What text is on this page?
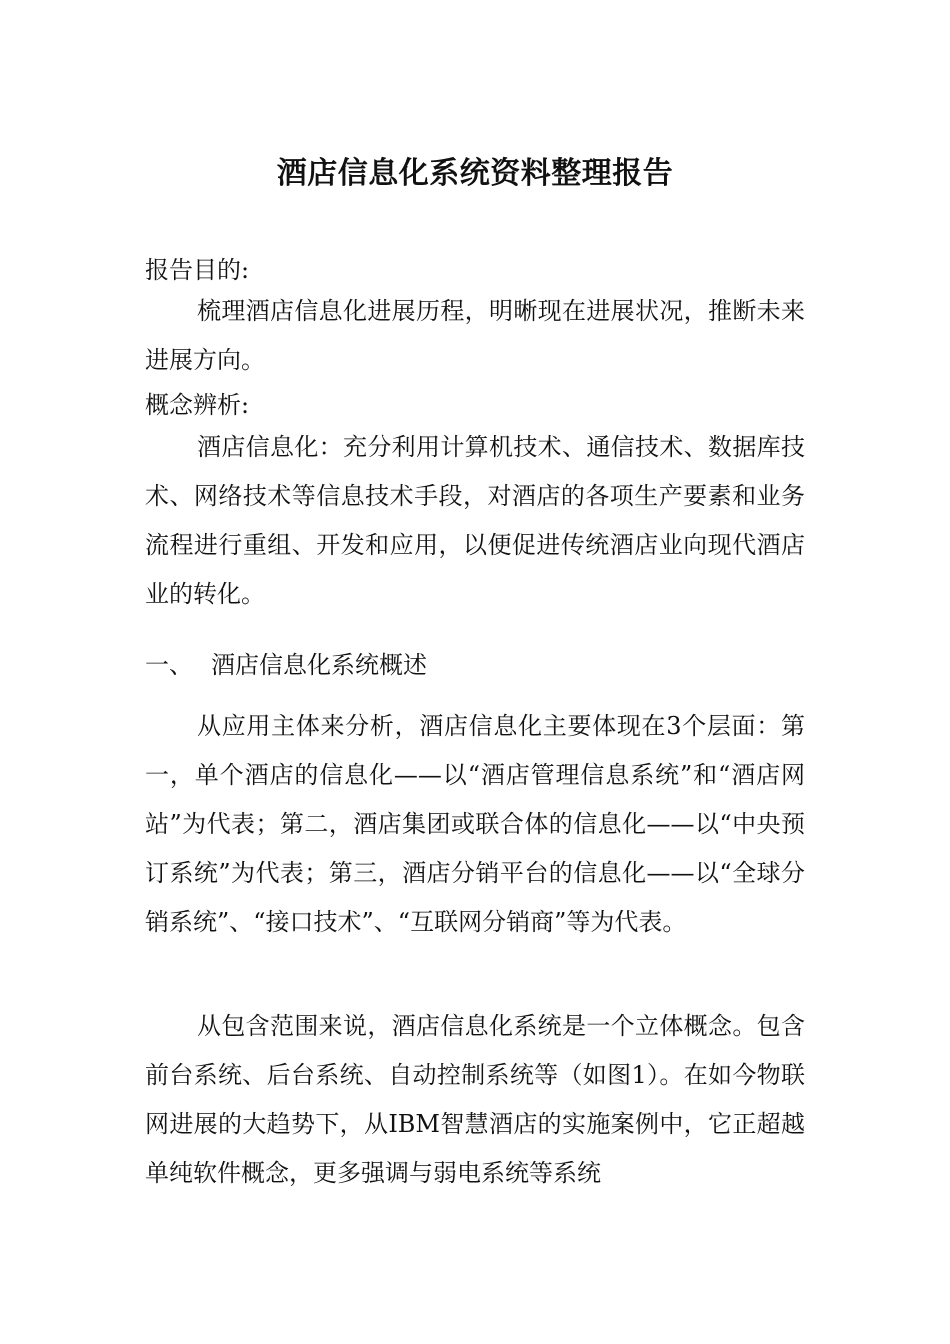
酒店信息化系统资料整理报告
报告目的:
梳理酒店信息化进展历程，明晰现在进展状况，推断未来进展方向。
概念辨析:
酒店信息化：充分利用计算机技术、通信技术、数据库技术、网络技术等信息技术手段，对酒店的各项生产要素和业务流程进行重组、开发和应用，以便促进传统酒店业向现代酒店业的转化。
一、 酒店信息化系统概述
从应用主体来分析，酒店信息化主要体现在3个层面：第一，单个酒店的信息化——以“酒店管理信息系统”和“酒店网站”为代表；第二，酒店集团或联合体的信息化——以“中央预订系统”为代表；第三，酒店分销平台的信息化——以“全球分销系统”、“接口技术”、“互联网分销商”等为代表。
从包含范围来说，酒店信息化系统是一个立体概念。包含前台系统、后台系统、自动控制系统等（如图1）。在如今物联网进展的大趋势下，从IBM智慧酒店的实施案例中，它正超越单纯软件概念，更多强调与弱电系统等系统
